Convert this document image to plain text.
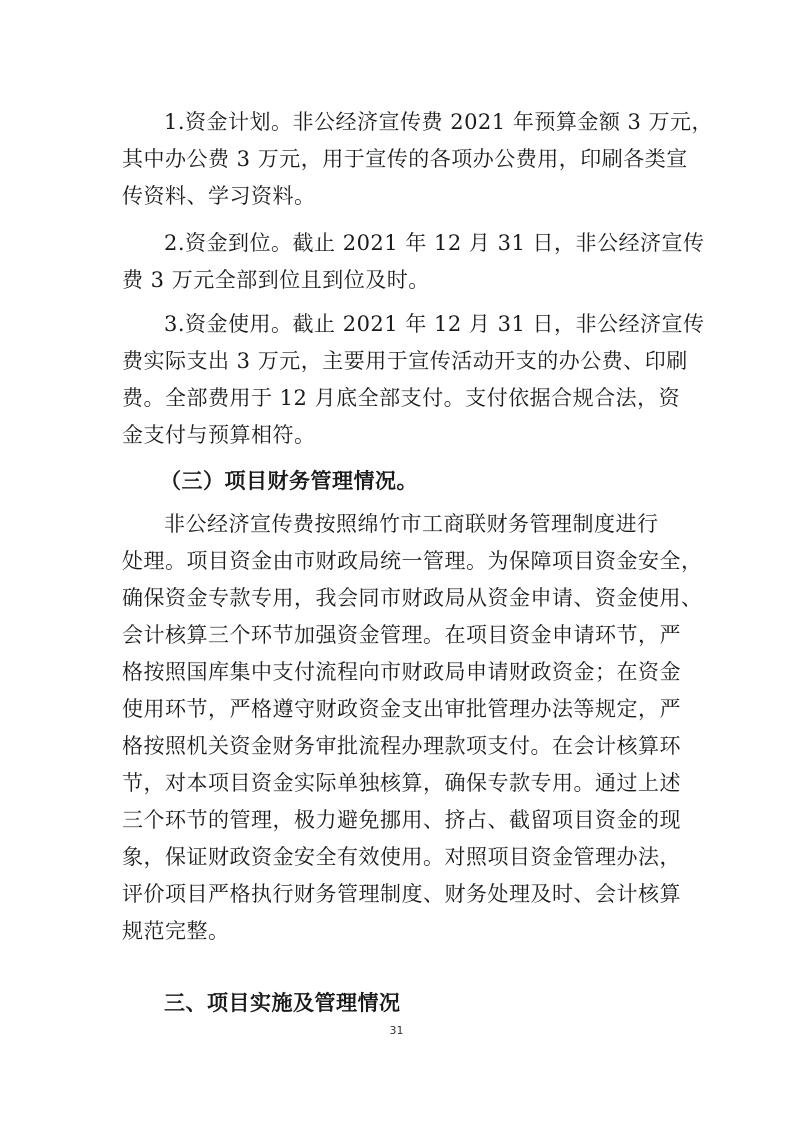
1.资金计划。非公经济宣传费 2021 年预算金额 3 万元，
其中办公费 3 万元，用于宣传的各项办公费用，印刷各类宣
传资料、学习资料。
2.资金到位。截止 2021 年 12 月 31 日，非公经济宣传
费 3 万元全部到位且到位及时。
3.资金使用。截止 2021 年 12 月 31 日，非公经济宣传
费实际支出 3 万元，主要用于宣传活动开支的办公费、印刷
费。全部费用于 12 月底全部支付。支付依据合规合法，资
金支付与预算相符。
（三）项目财务管理情况。
非公经济宣传费按照绵竹市工商联财务管理制度进行
处理。项目资金由市财政局统一管理。为保障项目资金安全，
确保资金专款专用，我会同市财政局从资金申请、资金使用、
会计核算三个环节加强资金管理。在项目资金申请环节，严
格按照国库集中支付流程向市财政局申请财政资金；在资金
使用环节，严格遵守财政资金支出审批管理办法等规定，严
格按照机关资金财务审批流程办理款项支付。在会计核算环
节，对本项目资金实际单独核算，确保专款专用。通过上述
三个环节的管理，极力避免挪用、挤占、截留项目资金的现
象，保证财政资金安全有效使用。对照项目资金管理办法，
评价项目严格执行财务管理制度、财务处理及时、会计核算
规范完整。
三、项目实施及管理情况
31
